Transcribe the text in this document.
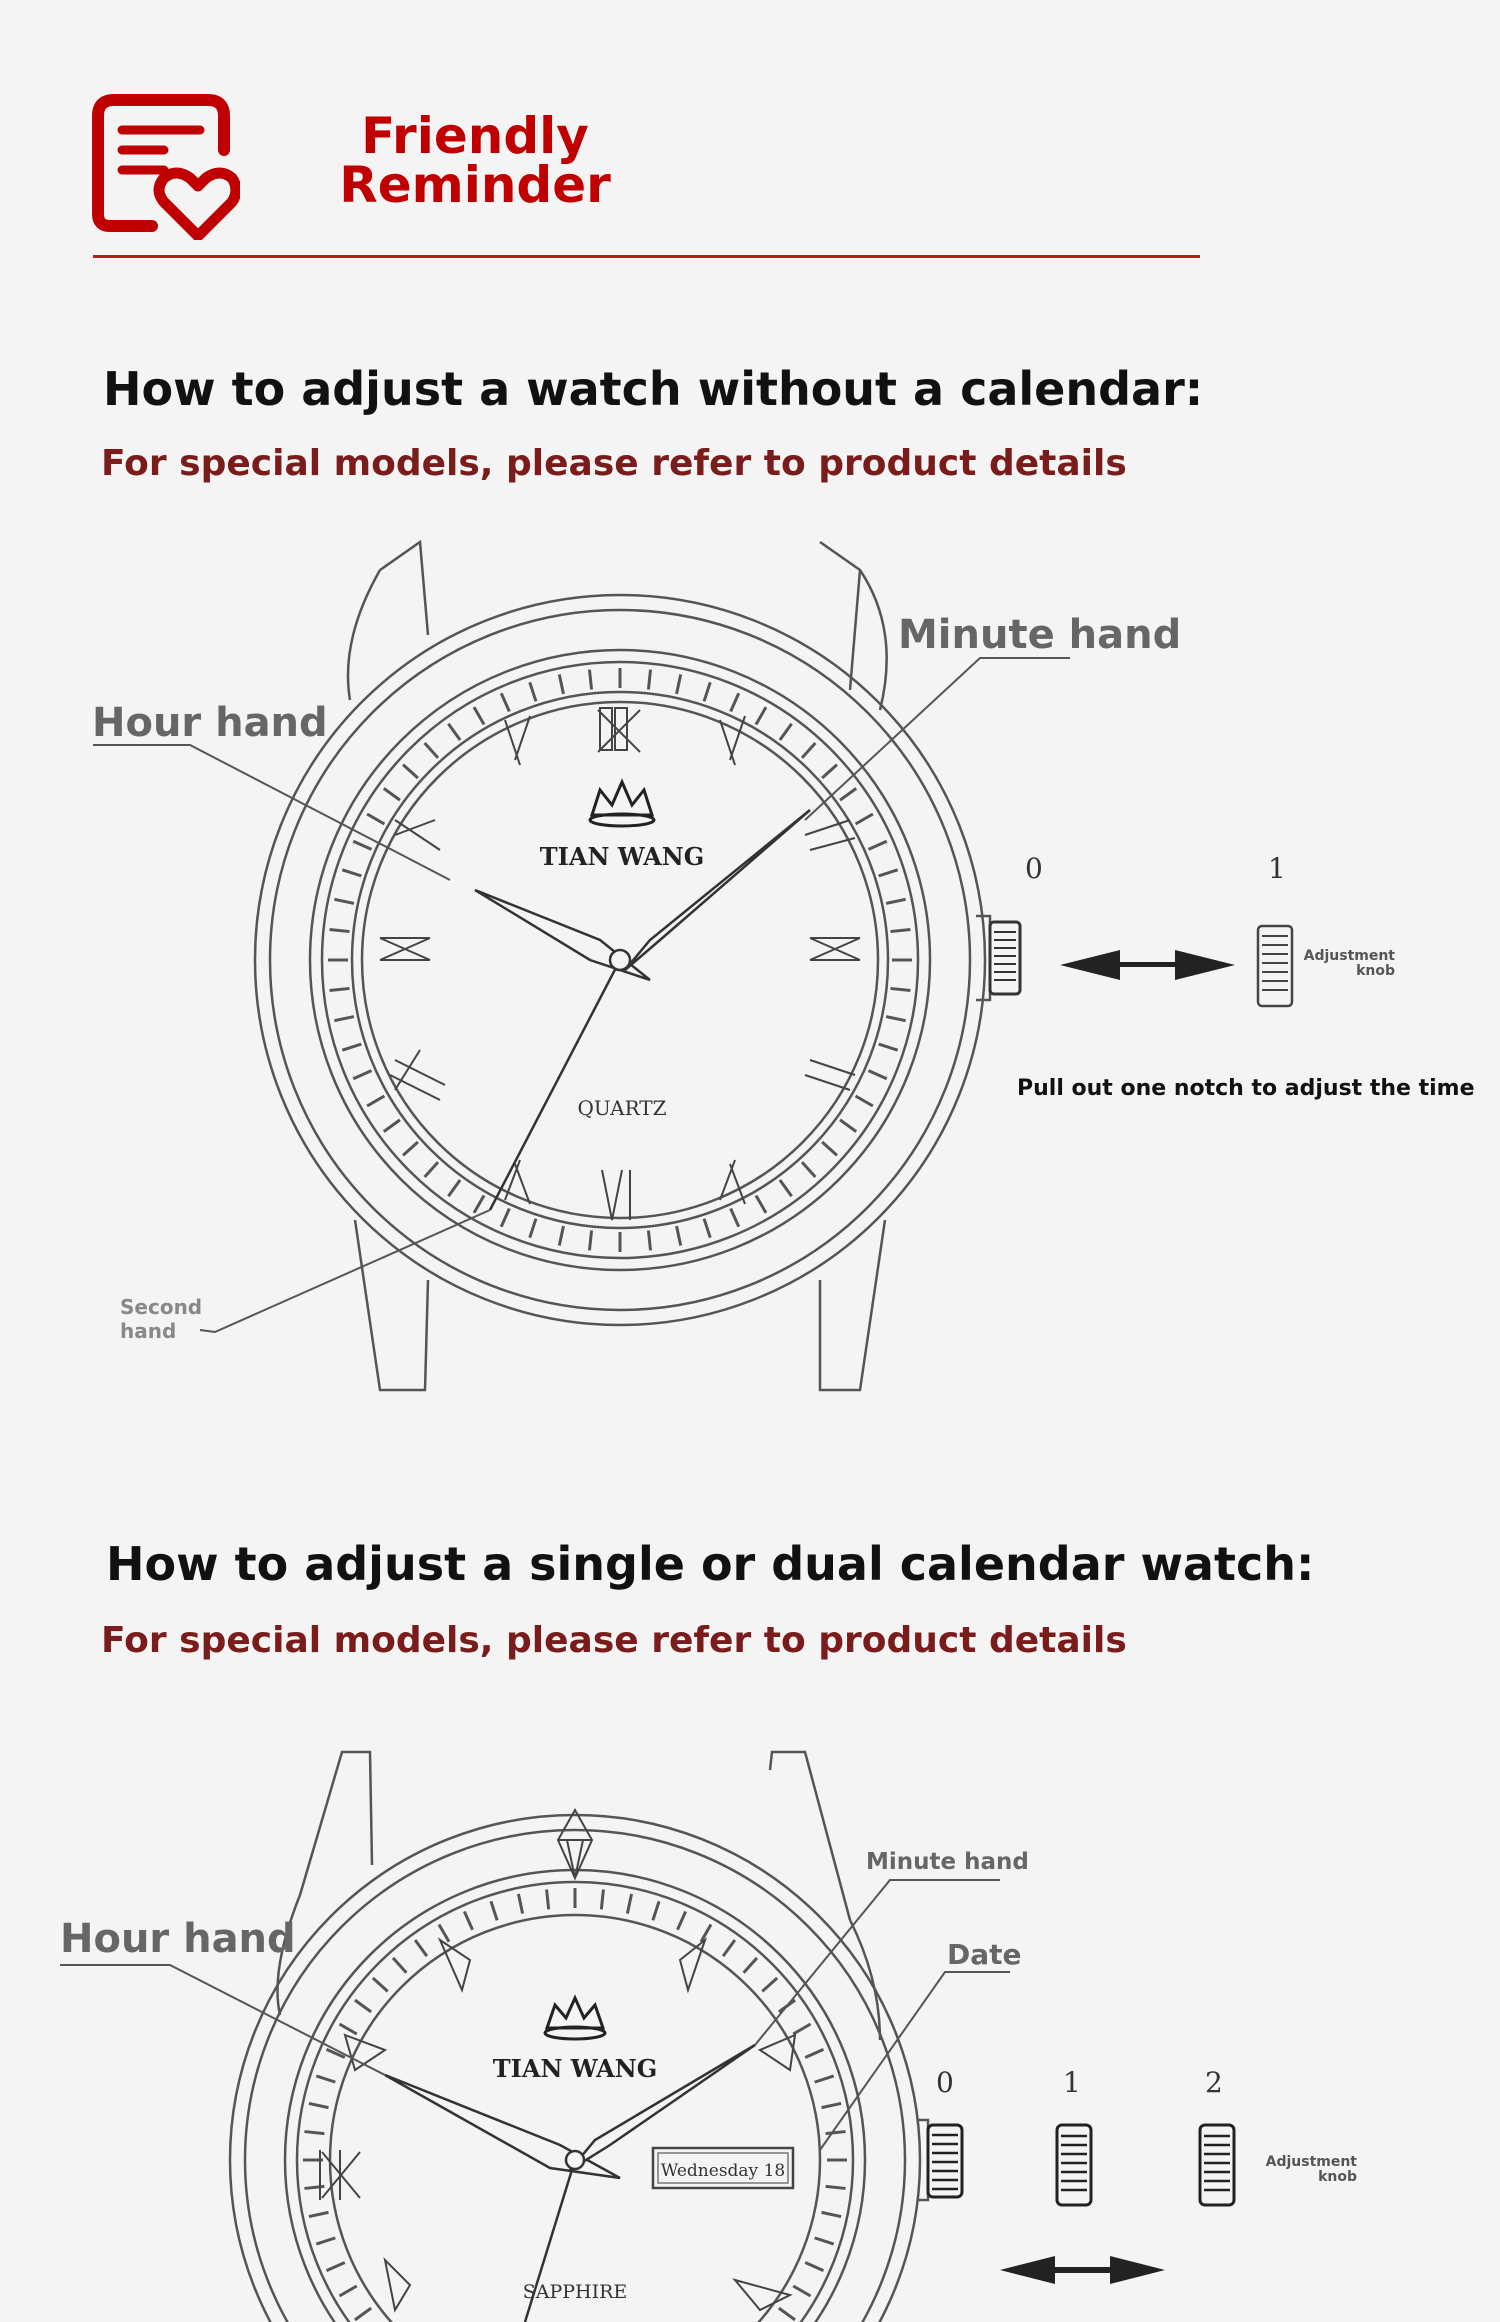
Friendly
Reminder
How to adjust a watch without a calendar:
For special models, please refer to product details
TIAN WANG
QUARTZ
Hour hand
Minute hand
Second
hand
0	1
Adjustment
knob
Pull out one notch to adjust the time
How to adjust a single or dual calendar watch:
For special models, please refer to product details
TIAN WANG
Wednesday 18
SAPPHIRE
Hour hand
Minute hand
Date
0	1	2
Adjustment
knob
